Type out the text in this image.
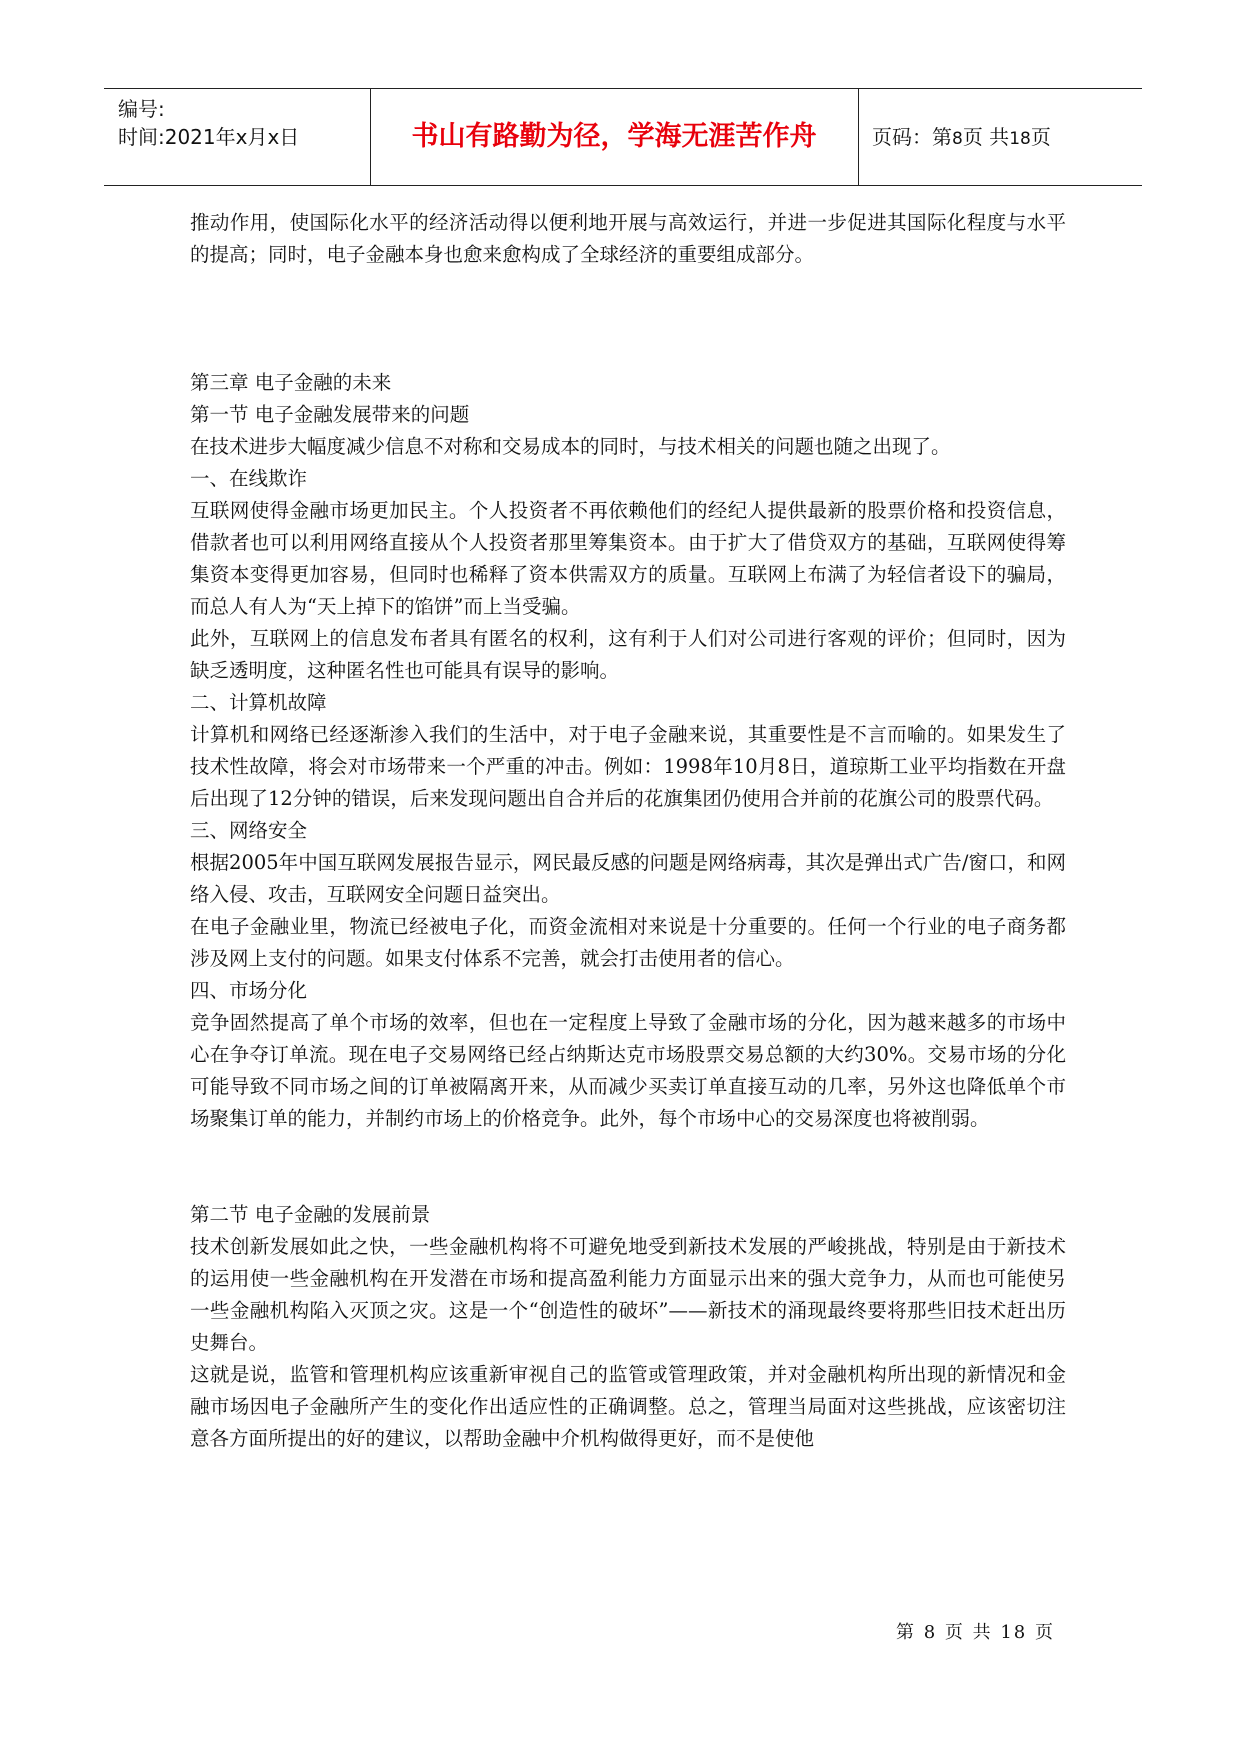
编号:
时间:2021年x月x日	书山有路勤为径，学海无涯苦作舟	页码：第8页 共18页

推动作用，使国际化水平的经济活动得以便利地开展与高效运行，并进一步促进其国际化程度与水平的提高；同时，电子金融本身也愈来愈构成了全球经济的重要组成部分。

第三章 电子金融的未来

第一节 电子金融发展带来的问题

在技术进步大幅度减少信息不对称和交易成本的同时，与技术相关的问题也随之出现了。

一、在线欺诈

互联网使得金融市场更加民主。个人投资者不再依赖他们的经纪人提供最新的股票价格和投资信息，借款者也可以利用网络直接从个人投资者那里筹集资本。由于扩大了借贷双方的基础，互联网使得筹集资本变得更加容易，但同时也稀释了资本供需双方的质量。互联网上布满了为轻信者设下的骗局，而总人有人为“天上掉下的馅饼”而上当受骗。

此外，互联网上的信息发布者具有匿名的权利，这有利于人们对公司进行客观的评价；但同时，因为缺乏透明度，这种匿名性也可能具有误导的影响。

二、计算机故障

计算机和网络已经逐渐渗入我们的生活中，对于电子金融来说，其重要性是不言而喻的。如果发生了技术性故障，将会对市场带来一个严重的冲击。例如：1998年10月8日，道琼斯工业平均指数在开盘后出现了12分钟的错误，后来发现问题出自合并后的花旗集团仍使用合并前的花旗公司的股票代码。

三、网络安全

根据2005年中国互联网发展报告显示，网民最反感的问题是网络病毒，其次是弹出式广告/窗口，和网络入侵、攻击，互联网安全问题日益突出。

在电子金融业里，物流已经被电子化，而资金流相对来说是十分重要的。任何一个行业的电子商务都涉及网上支付的问题。如果支付体系不完善，就会打击使用者的信心。

四、市场分化

竞争固然提高了单个市场的效率，但也在一定程度上导致了金融市场的分化，因为越来越多的市场中心在争夺订单流。现在电子交易网络已经占纳斯达克市场股票交易总额的大约30%。交易市场的分化可能导致不同市场之间的订单被隔离开来，从而减少买卖订单直接互动的几率，另外这也降低单个市场聚集订单的能力，并制约市场上的价格竞争。此外，每个市场中心的交易深度也将被削弱。

第二节 电子金融的发展前景

技术创新发展如此之快，一些金融机构将不可避免地受到新技术发展的严峻挑战，特别是由于新技术的运用使一些金融机构在开发潜在市场和提高盈利能力方面显示出来的强大竞争力，从而也可能使另一些金融机构陷入灭顶之灾。这是一个“创造性的破坏”——新技术的涌现最终要将那些旧技术赶出历史舞台。

这就是说，监管和管理机构应该重新审视自己的监管或管理政策，并对金融机构所出现的新情况和金融市场因电子金融所产生的变化作出适应性的正确调整。总之，管理当局面对这些挑战，应该密切注意各方面所提出的好的建议，以帮助金融中介机构做得更好，而不是使他

第 8 页 共 18 页
